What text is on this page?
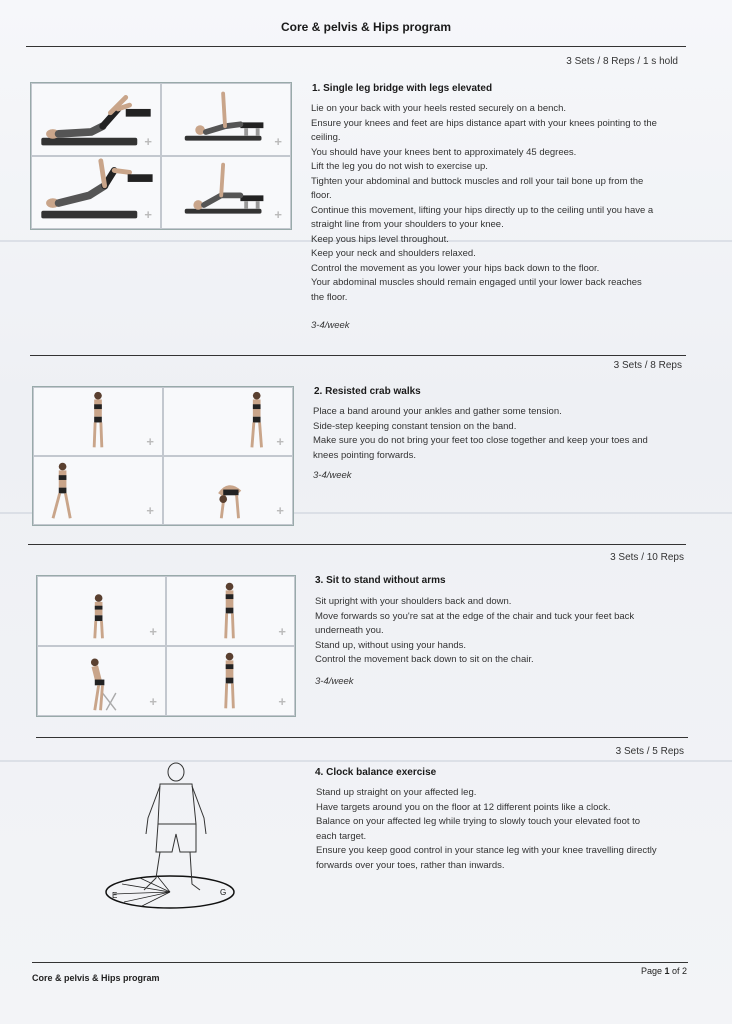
Core & pelvis & Hips program
3 Sets / 8 Reps / 1 s hold
+	+
+	+
1. Single leg bridge with legs elevated

Lie on your back with your heels rested securely on a bench.

Ensure your knees and feet are hips distance apart with your knees pointing to the

ceiling.

You should have your knees bent to approximately 45 degrees.

Lift the leg you do not wish to exercise up.

Tighten your abdominal and buttock muscles and roll your tail bone up from the

floor.

Continue this movement, lifting your hips directly up to the ceiling until you have a

straight line from your shoulders to your knee.

Keep yous hips level throughout.

Keep your neck and shoulders relaxed.

Control the movement as you lower your hips back down to the floor.

Your abdominal muscles should remain engaged until your lower back reaches

the floor.

3-4/week
3 Sets / 8 Reps
+	+
+	+
2. Resisted crab walks

Place a band around your ankles and gather some tension.

Side-step keeping constant tension on the band.

Make sure you do not bring your feet too close together and keep your toes and

knees pointing forwards.

3-4/week
3 Sets / 10 Reps
+	+
+	+
3. Sit to stand without arms

Sit upright with your shoulders back and down.

Move forwards so you're sat at the edge of the chair and tuck your feet back

underneath you.

Stand up, without using your hands.

Control the movement back down to sit on the chair.

3-4/week
3 Sets / 5 Reps
E	G
4. Clock balance exercise

Stand up straight on your affected leg.

Have targets around you on the floor at 12 different points like a clock.

Balance on your affected leg while trying to slowly touch your elevated foot to

each target.

Ensure you keep good control in your stance leg with your knee travelling directly

forwards over your toes, rather than inwards.

Core & pelvis & Hips program
Page 1 of 2
